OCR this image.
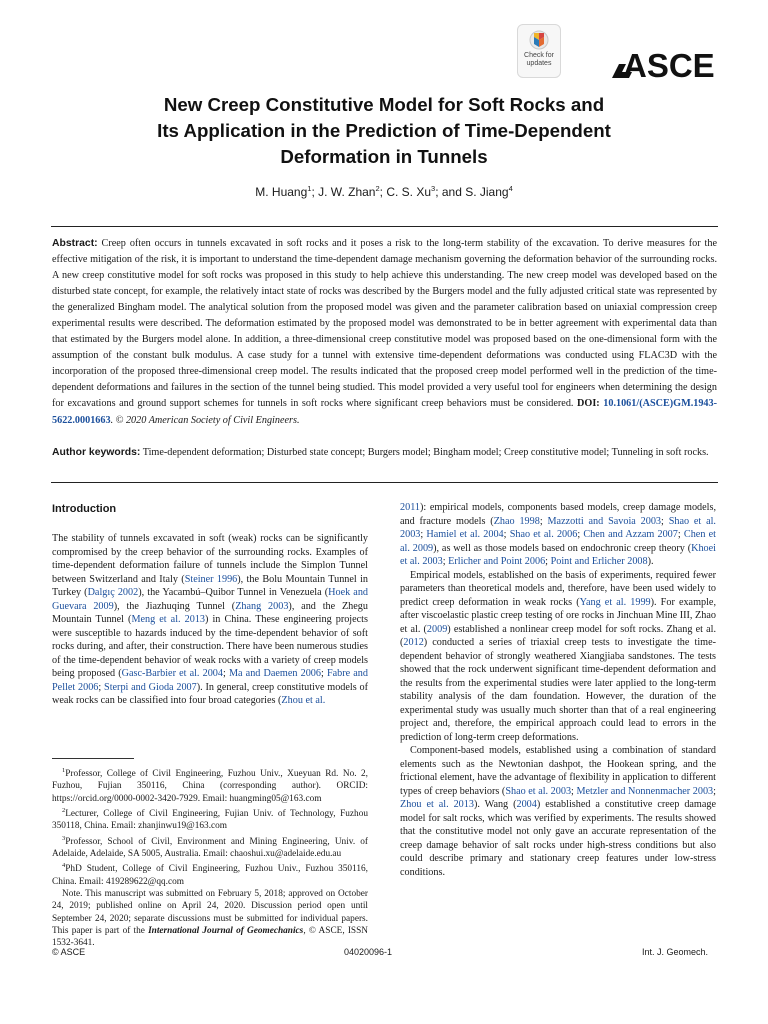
Check for
updates ASCE
New Creep Constitutive Model for Soft Rocks and
Its Application in the Prediction of Time-Dependent
Deformation in Tunnels
M. Huang$^1$; J. W. Zhan$^2$; C. S. Xu$^3$; and S. Jiang$^4$
Abstract: Creep often occurs in tunnels excavated in soft rocks and it poses a risk to the long-term stability of the excavation. To derive measures for the effective mitigation of the risk, it is important to understand the time-dependent damage mechanism governing the deformation behavior of the surrounding rocks. A new creep constitutive model for soft rocks was proposed in this study to help achieve this understanding. The new creep model was developed based on the disturbed state concept, for example, the relatively intact state of rocks was described by the Burgers model and the fully adjusted critical state was represented by the generalized Bingham model. The analytical solution from the proposed model was given and the parameter calibration based on uniaxial compression creep experimental results were described. The deformation estimated by the proposed model was demonstrated to be in better agreement with experimental data than that estimated by the Burgers model alone. In addition, a three-dimensional creep constitutive model was proposed based on the one-dimensional form with the assumption of the constant bulk modulus. A case study for a tunnel with extensive time-dependent deformations was conducted using FLAC3D with the incorporation of the proposed three-dimensional creep model. The results indicated that the proposed creep model performed well in the prediction of the time-dependent deformations and failures in the section of the tunnel being studied. This model provided a very useful tool for engineers when determining the design for excavations and ground support schemes for tunnels in soft rocks where significant creep behaviors must be considered. DOI: 10.1061/(ASCE)GM.1943-5622.0001663. © 2020 American Society of Civil Engineers.
Author keywords: Time-dependent deformation; Disturbed state concept; Burgers model; Bingham model; Creep constitutive model; Tunneling in soft rocks.
Introduction

The stability of tunnels excavated in soft (weak) rocks can be significantly compromised by the creep behavior of the surrounding rocks. Examples of time-dependent deformation failure of tunnels include the Simplon Tunnel between Switzerland and Italy (Steiner 1996), the Bolu Mountain Tunnel in Turkey (Dalgıç 2002), the Yacambú–Quibor Tunnel in Venezuela (Hoek and Guevara 2009), the Jiazhuqing Tunnel (Zhang 2003), and the Zhegu Mountain Tunnel (Meng et al. 2013) in China. These engineering projects were susceptible to hazards induced by the time-dependent behavior of soft rocks during, and after, their construction. There have been numerous studies of the time-dependent behavior of weak rocks with a variety of creep models being proposed (Gasc-Barbier et al. 2004; Ma and Daemen 2006; Fabre and Pellet 2006; Sterpi and Gioda 2007). In general, creep constitutive models of weak rocks can be classified into four broad categories (Zhou et al.

$^1$Professor, College of Civil Engineering, Fuzhou Univ., Xueyuan Rd. No. 2, Fuzhou, Fujian 350116, China (corresponding author). ORCID: https://orcid.org/0000-0002-3420-7929. Email: huangming05@163.com

$^2$Lecturer, College of Civil Engineering, Fujian Univ. of Technology, Fuzhou 350118, China. Email: zhanjinwu19@163.com

$^3$Professor, School of Civil, Environment and Mining Engineering, Univ. of Adelaide, Adelaide, SA 5005, Australia. Email: chaoshui.xu@adelaide.edu.au

$^4$PhD Student, College of Civil Engineering, Fuzhou Univ., Fuzhou 350116, China. Email: 419289622@qq.com

Note. This manuscript was submitted on February 5, 2018; approved on October 24, 2019; published online on April 24, 2020. Discussion period open until September 24, 2020; separate discussions must be submitted for individual papers. This paper is part of the International Journal of Geomechanics, © ASCE, ISSN 1532-3641.

2011): empirical models, components based models, creep damage models, and fracture models (Zhao 1998; Mazzotti and Savoia 2003; Shao et al. 2003; Hamiel et al. 2004; Shao et al. 2006; Chen and Azzam 2007; Chen et al. 2009), as well as those models based on endochronic creep theory (Khoei et al. 2003; Erlicher and Point 2006; Point and Erlicher 2008).

Empirical models, established on the basis of experiments, required fewer parameters than theoretical models and, therefore, have been used widely to predict creep deformation in weak rocks (Yang et al. 1999). For example, after viscoelastic plastic creep testing of ore rocks in Jinchuan Mine III, Zhao et al. (2009) established a nonlinear creep model for soft rocks. Zhang et al. (2012) conducted a series of triaxial creep tests to investigate the time-dependent behavior of strongly weathered Xiangjiaba sandstones. The tests showed that the rock underwent significant time-dependent deformation and the results from the experimental studies were later applied to the long-term stability analysis of the dam foundation. However, the duration of the experimental study was usually much shorter than that of a real engineering project and, therefore, the empirical approach could lead to errors in the prediction of long-term creep deformations.

Component-based models, established using a combination of standard elements such as the Newtonian dashpot, the Hookean spring, and the frictional element, have the advantage of flexibility in application to different types of creep behaviors (Shao et al. 2003; Metzler and Nonnenmacher 2003; Zhou et al. 2013). Wang (2004) established a constitutive creep damage model for salt rocks, which was verified by experiments. The results showed that the constitutive model not only gave an accurate representation of the creep damage behavior of salt rocks under high-stress conditions but also could describe primary and stationary creep features under low-stress conditions.

© ASCE	04020096-1	Int. J. Geomech.
